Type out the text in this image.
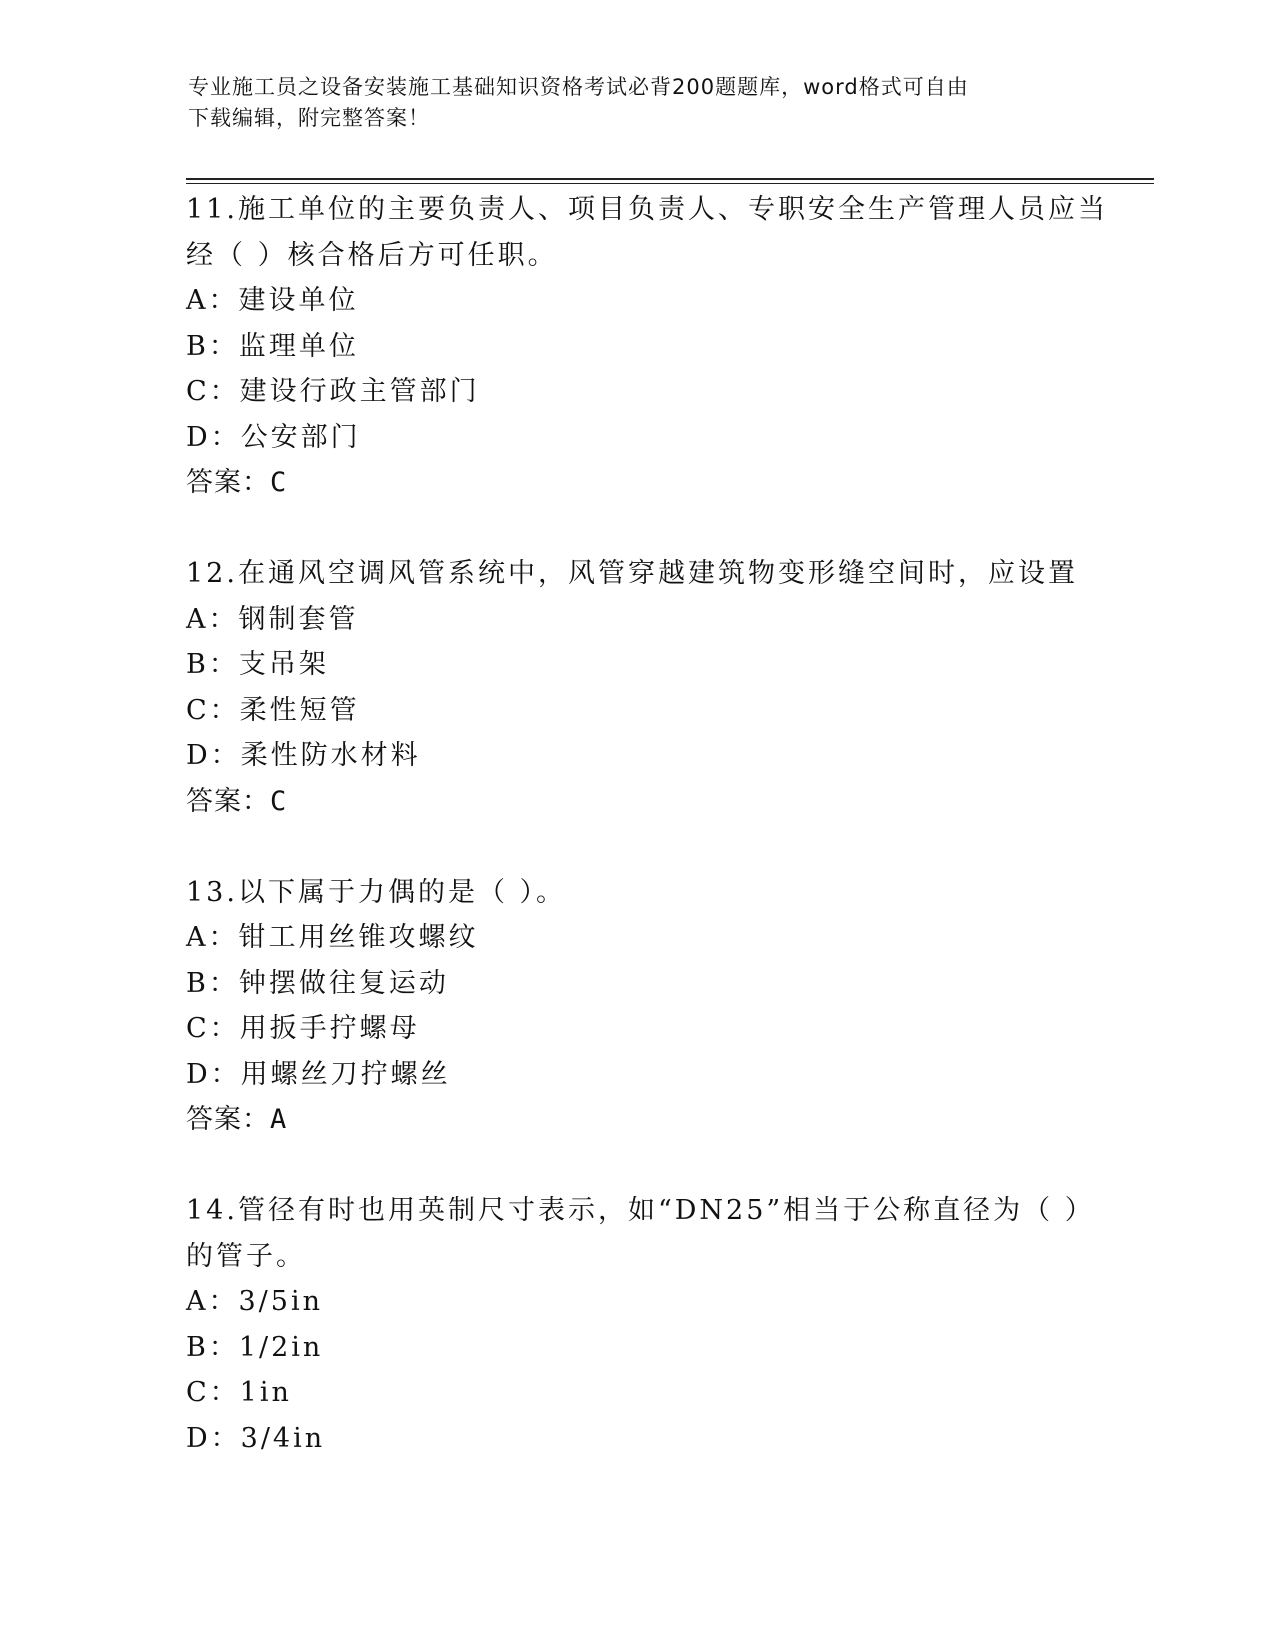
专业施工员之设备安装施工基础知识资格考试必背200题题库，word格式可自由
下载编辑，附完整答案！
11.施工单位的主要负责人、项目负责人、专职安全生产管理人员应当
经（ ）核合格后方可任职。
A：建设单位
B：监理单位
C：建设行政主管部门
D：公安部门
答案：C
12.在通风空调风管系统中，风管穿越建筑物变形缝空间时，应设置
A：钢制套管
B：支吊架
C：柔性短管
D：柔性防水材料
答案：C
13.以下属于力偶的是（ ）。
A：钳工用丝锥攻螺纹
B：钟摆做往复运动
C：用扳手拧螺母
D：用螺丝刀拧螺丝
答案：A
14.管径有时也用英制尺寸表示，如“DN25”相当于公称直径为（ ）
的管子。
A：3/5in
B：1/2in
C：1in
D：3/4in
